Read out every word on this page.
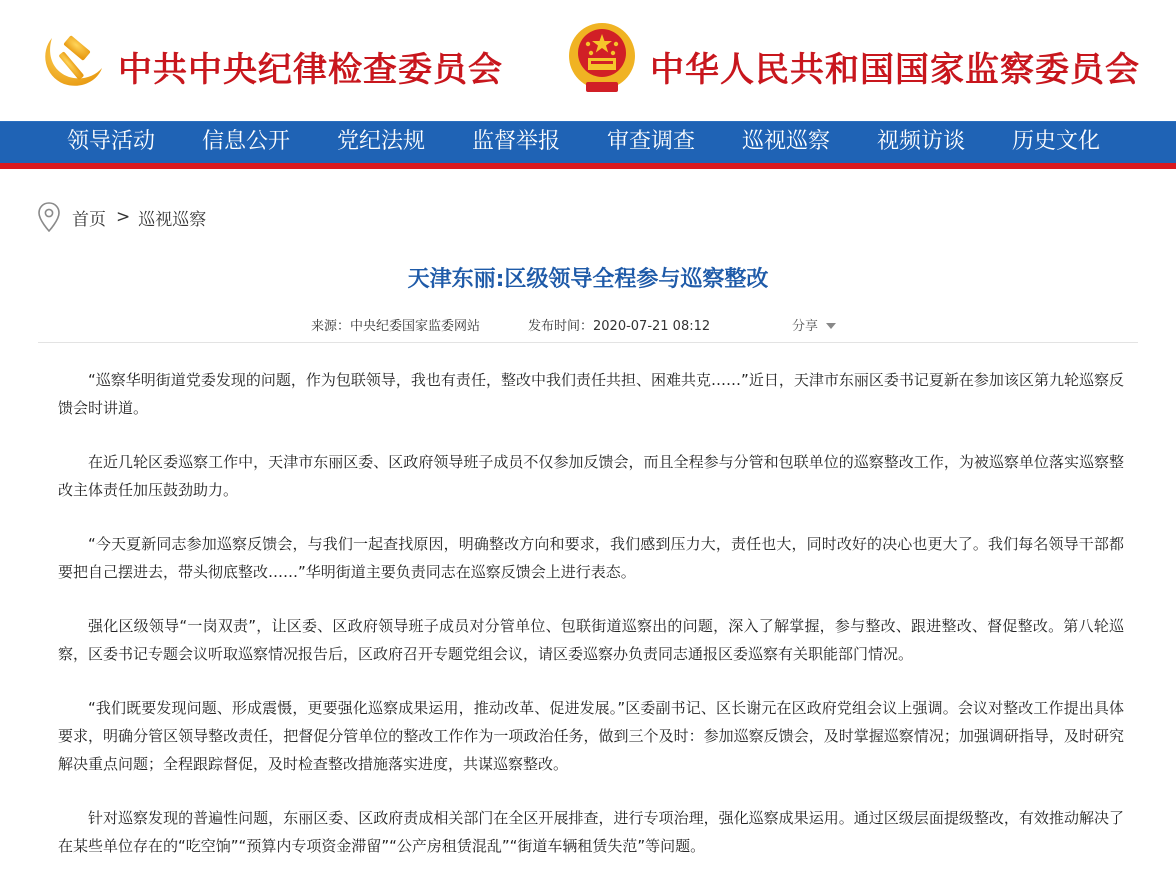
中共中央纪律检查委员会	中华人民共和国国家监察委员会
领导活动 信息公开 党纪法规 监督举报 审查调查 巡视巡察 视频访谈 历史文化
首页 > 巡视巡察
天津东丽:区级领导全程参与巡察整改
来源：中央纪委国家监委网站	发布时间：2020-07-21 08:12	分享

“巡察华明街道党委发现的问题，作为包联领导，我也有责任，整改中我们责任共担、困难共克……”近日，天津市东丽区委书记夏新在参加该区第九轮巡察反馈会时讲道。

在近几轮区委巡察工作中，天津市东丽区委、区政府领导班子成员不仅参加反馈会，而且全程参与分管和包联单位的巡察整改工作，为被巡察单位落实巡察整改主体责任加压鼓劲助力。

“今天夏新同志参加巡察反馈会，与我们一起查找原因，明确整改方向和要求，我们感到压力大，责任也大，同时改好的决心也更大了。我们每名领导干部都要把自己摆进去，带头彻底整改……”华明街道主要负责同志在巡察反馈会上进行表态。

强化区级领导“一岗双责”，让区委、区政府领导班子成员对分管单位、包联街道巡察出的问题，深入了解掌握，参与整改、跟进整改、督促整改。第八轮巡察，区委书记专题会议听取巡察情况报告后，区政府召开专题党组会议，请区委巡察办负责同志通报区委巡察有关职能部门情况。

“我们既要发现问题、形成震慑，更要强化巡察成果运用，推动改革、促进发展。”区委副书记、区长谢元在区政府党组会议上强调。会议对整改工作提出具体要求，明确分管区领导整改责任，把督促分管单位的整改工作作为一项政治任务，做到三个及时：参加巡察反馈会，及时掌握巡察情况；加强调研指导，及时研究解决重点问题；全程跟踪督促，及时检查整改措施落实进度，共谋巡察整改。

针对巡察发现的普遍性问题，东丽区委、区政府责成相关部门在全区开展排查，进行专项治理，强化巡察成果运用。通过区级层面提级整改，有效推动解决了在某些单位存在的“吃空饷”“预算内专项资金滞留”“公产房租赁混乱”“街道车辆租赁失范”等问题。
